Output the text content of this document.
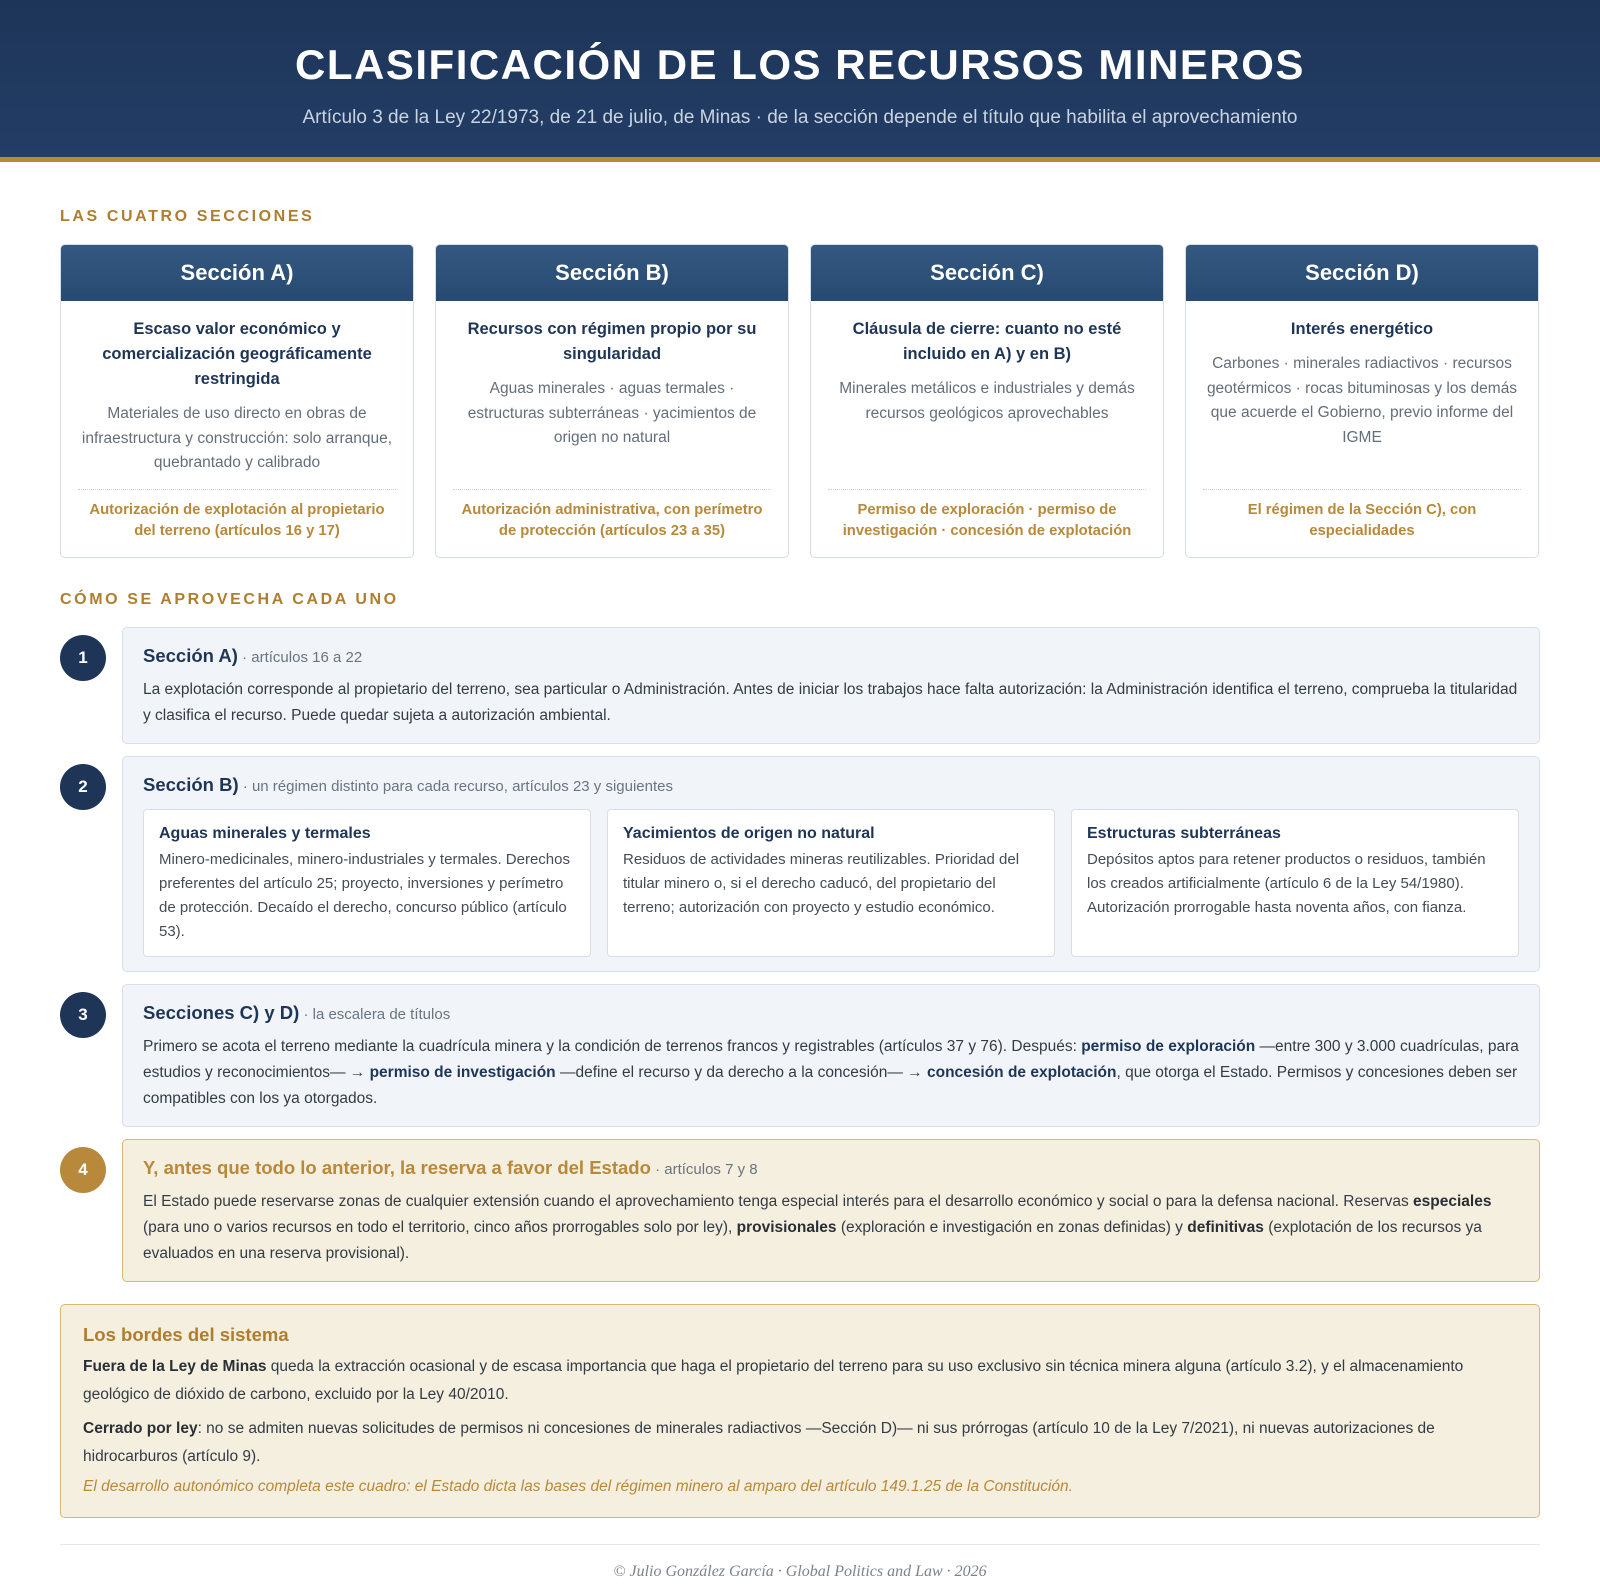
CLASIFICACIÓN DE LOS RECURSOS MINEROS

Artículo 3 de la Ley 22/1973, de 21 de julio, de Minas · de la sección depende el título que habilita el aprovechamiento

LAS CUATRO SECCIONES
Sección A)
Escaso valor económico y comercialización geográficamente restringida
Materiales de uso directo en obras de infraestructura y construcción: solo arranque, quebrantado y calibrado
Autorización de explotación al propietario del terreno (artículos 16 y 17)
Sección B)
Recursos con régimen propio por su singularidad
Aguas minerales · aguas termales · estructuras subterráneas · yacimientos de origen no natural
Autorización administrativa, con perímetro de protección (artículos 23 a 35)
Sección C)
Cláusula de cierre: cuanto no esté incluido en A) y en B)
Minerales metálicos e industriales y demás recursos geológicos aprovechables
Permiso de exploración · permiso de investigación · concesión de explotación
Sección D)
Interés energético
Carbones · minerales radiactivos · recursos geotérmicos · rocas bituminosas y los demás que acuerde el Gobierno, previo informe del IGME
El régimen de la Sección C), con especialidades
CÓMO SE APROVECHA CADA UNO
1	Sección A) · artículos 16 a 22

La explotación corresponde al propietario del terreno, sea particular o Administración. Antes de iniciar los trabajos hace falta autorización: la Administración identifica el terreno, comprueba la titularidad y clasifica el recurso. Puede quedar sujeta a autorización ambiental.

2	Sección B) · un régimen distinto para cada recurso, artículos 23 y siguientes
Aguas minerales y termales
Minero-medicinales, minero-industriales y termales. Derechos preferentes del artículo 25; proyecto, inversiones y perímetro de protección. Decaído el derecho, concurso público (artículo 53).
Yacimientos de origen no natural
Residuos de actividades mineras reutilizables. Prioridad del titular minero o, si el derecho caducó, del propietario del terreno; autorización con proyecto y estudio económico.
Estructuras subterráneas
Depósitos aptos para retener productos o residuos, también los creados artificialmente (artículo 6 de la Ley 54/1980). Autorización prorrogable hasta noventa años, con fianza.
3	Secciones C) y D) · la escalera de títulos

Primero se acota el terreno mediante la cuadrícula minera y la condición de terrenos francos y registrables (artículos 37 y 76). Después: permiso de exploración —entre 300 y 3.000 cuadrículas, para estudios y reconocimientos— → permiso de investigación —define el recurso y da derecho a la concesión— → concesión de explotación, que otorga el Estado. Permisos y concesiones deben ser compatibles con los ya otorgados.

4	Y, antes que todo lo anterior, la reserva a favor del Estado · artículos 7 y 8

El Estado puede reservarse zonas de cualquier extensión cuando el aprovechamiento tenga especial interés para el desarrollo económico y social o para la defensa nacional. Reservas especiales (para uno o varios recursos en todo el territorio, cinco años prorrogables solo por ley), provisionales (exploración e investigación en zonas definidas) y definitivas (explotación de los recursos ya evaluados en una reserva provisional).

Los bordes del sistema

Fuera de la Ley de Minas queda la extracción ocasional y de escasa importancia que haga el propietario del terreno para su uso exclusivo sin técnica minera alguna (artículo 3.2), y el almacenamiento geológico de dióxido de carbono, excluido por la Ley 40/2010.

Cerrado por ley: no se admiten nuevas solicitudes de permisos ni concesiones de minerales radiactivos —Sección D)— ni sus prórrogas (artículo 10 de la Ley 7/2021), ni nuevas autorizaciones de hidrocarburos (artículo 9).

El desarrollo autonómico completa este cuadro: el Estado dicta las bases del régimen minero al amparo del artículo 149.1.25 de la Constitución.

© Julio González García · Global Politics and Law · 2026
